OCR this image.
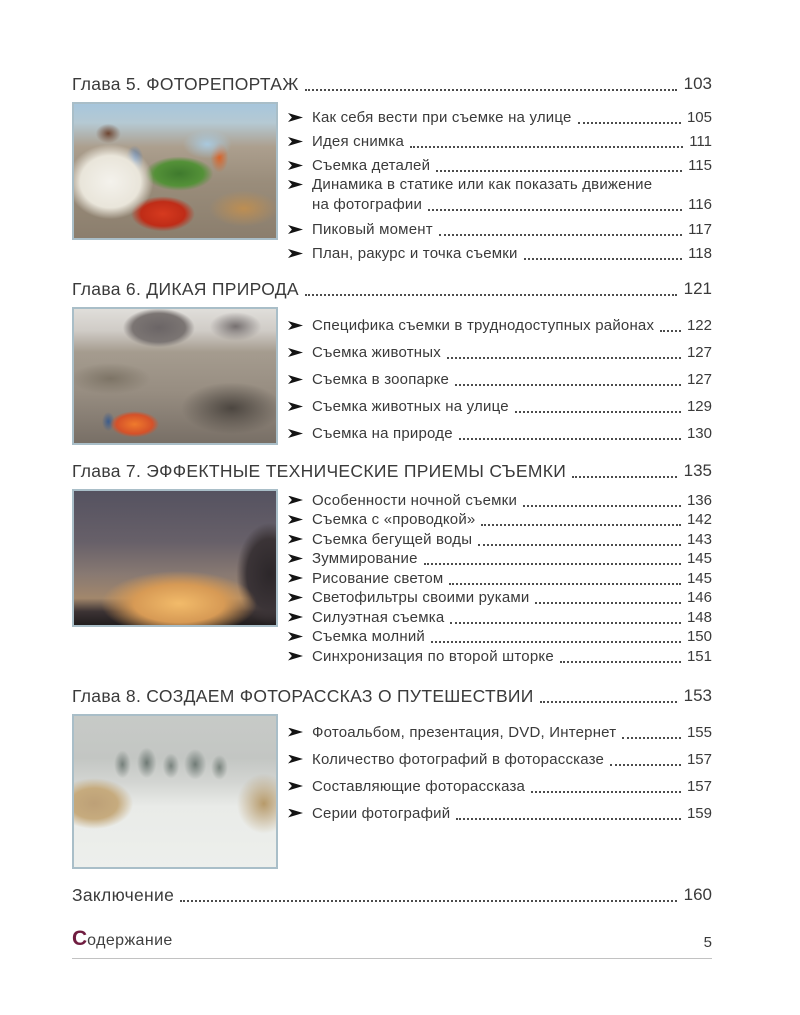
Глава 5. ФОТОРЕПОРТАЖ	103
Как себя вести при съемке на улице	105
Идея снимка	111
Съемка деталей	115
Динамика в статике или как показать движение
на фотографии	116
Пиковый момент	117
План, ракурс и точка съемки	118
Глава 6. ДИКАЯ ПРИРОДА	121
Специфика съемки в труднодоступных районах 122
Съемка животных	127
Съемка в зоопарке	127
Съемка животных на улице	129
Съемка на природе	130
Глава 7. ЭФФЕКТНЫЕ ТЕХНИЧЕСКИЕ ПРИЕМЫ СЪЕМКИ	135
Особенности ночной съемки	136
Съемка с «проводкой»	142
Съемка бегущей воды	143
Зуммирование	145
Рисование светом	145
Светофильтры своими руками	146
Силуэтная съемка	148
Съемка молний	150
Синхронизация по второй шторке	151
Глава 8. СОЗДАЕМ ФОТОРАССКАЗ О ПУТЕШЕСТВИИ	153
Фотоальбом, презентация, DVD, Интернет	155
Количество фотографий в фоторассказе	157
Составляющие фоторассказа	157
Серии фотографий	159
Заключение	160
Содержание	5
